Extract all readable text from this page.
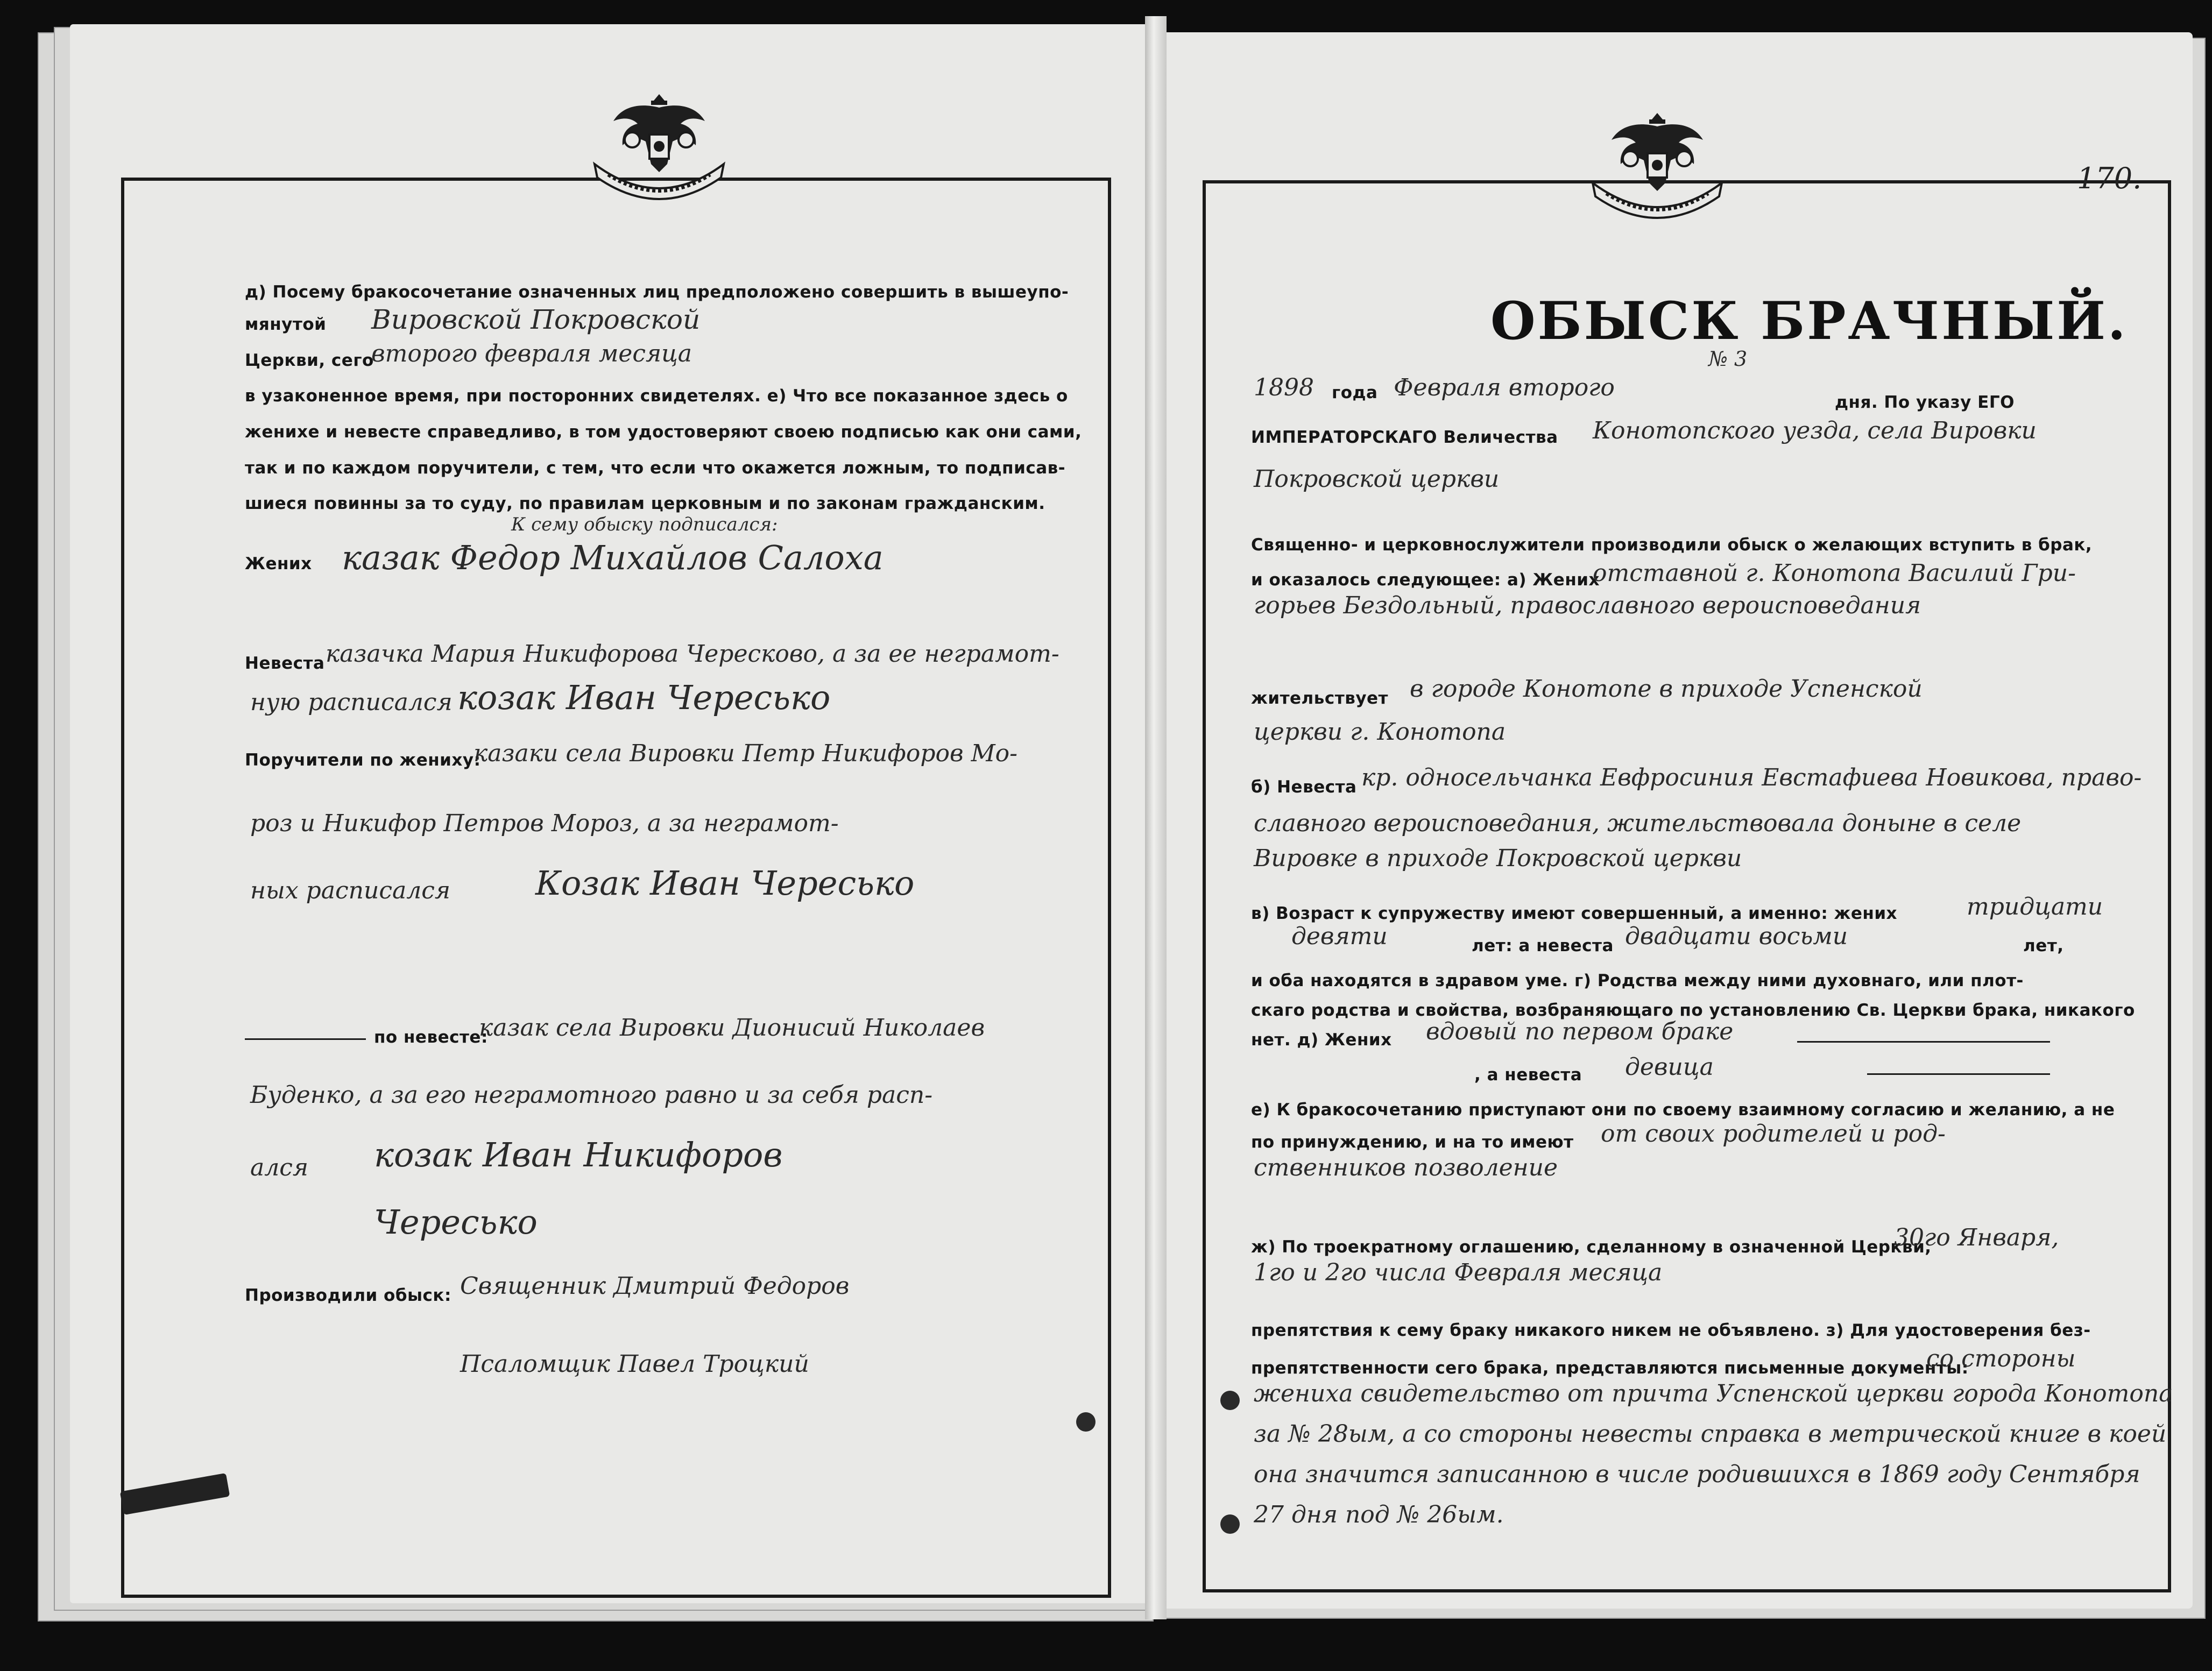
д) Посему бракосочетание означенных лиц предположено совершить в вышеупо-
мянутой Вировской Покровской
Церкви, сего
второго февраля месяца
в узаконенное время, при посторонних свидетелях. е) Что все показанное здесь о
женихе и невесте справедливо, в том удостоверяют своею подписью как они сами,
так и по каждом поручители, с тем, что если что окажется ложным, то подписав-
шиеся повинны за то суду, по правилам церковным и по законам гражданским.
К сему обыску подписался:
Жених казак Федор Михайлов Салоха
Невеста казачка Мария Никифорова Чересково, а за ее неграмот-
ную расписался козак Иван Чересько
Поручители по жениху:
казаки села Вировки Петр Никифоров Мо-
роз и Никифор Петров Мороз, а за неграмот-
ных расписался	Козак Иван Чересько
по невесте:
казак села Вировки Дионисий Николаев
Буденко, а за его неграмотного равно и за себя расп-
ался козак Иван Никифоров
Чересько
Производили обыск: Священник Дмитрий Федоров
Псаломщик Павел Троцкий
170.
ОБЫСК БРАЧНЫЙ.
№ 3
1898 года Февраля второго
дня. По указу ЕГО
ИМПЕРАТОРСКАГО Величества Конотопского уезда, села Вировки
Покровской церкви
Священно- и церковнослужители производили обыск о желающих вступить в брак,
и оказалось следующее: а) Жених
отставной г. Конотопа Василий Гри-
горьев Бездольный, православного вероисповедания
жительствует в городе Конотопе в приходе Успенской
церкви г. Конотопа
б) Невеста кр. односельчанка Евфросиния Евстафиева Новикова, право-
славного вероисповедания, жительствовала доныне в селе
Вировке в приходе Покровской церкви
в) Возраст к супружеству имеют совершенный, а именно: жених	тридцати
девяти	лет: а невеста двадцати восьми	лет,
и оба находятся в здравом уме. г) Родства между ними духовнаго, или плот-
скаго родства и свойства, возбраняющаго по установлению Св. Церкви брака, никакого
нет. д) Жених вдовый по первом браке
, а невеста девица
е) К бракосочетанию приступают они по своему взаимному согласию и желанию, а не
по принуждению, и на то имеют от своих родителей и род-
ственников позволение
ж) По троекратному оглашению, сделанному в означенной Церкви,
30го Января,
1го и 2го числа Февраля месяца
препятствия к сему браку никакого никем не объявлено. з) Для удостоверения без-
препятственности сего брака, представляются письменные документы:
со стороны
жениха свидетельство от причта Успенской церкви города Конотопа
за № 28ым, а со стороны невесты справка в метрической книге в коей
она значится записанною в числе родившихся в 1869 году Сентября
27 дня под № 26ым.
